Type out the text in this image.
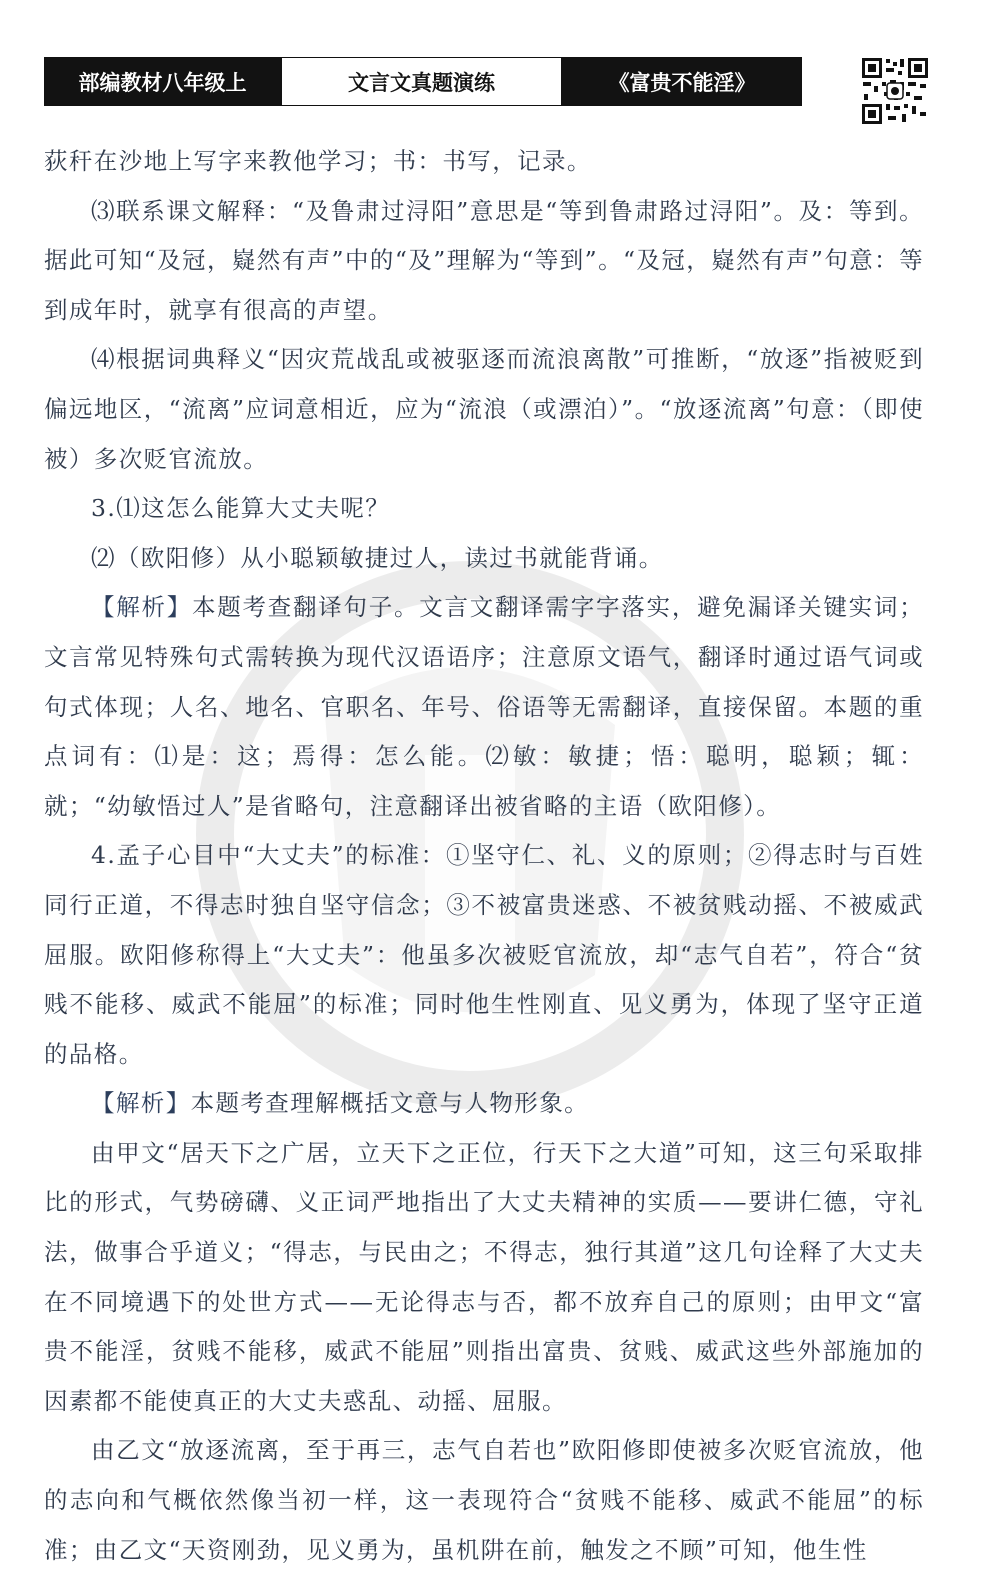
部编教材八年级上	文言文真题演练	《富贵不能淫》

荻秆在沙地上写字来教他学习；书：书写，记录。

⑶联系课文解释：“及鲁肃过浔阳”意思是“等到鲁肃路过浔阳”。及：等到。据此可知“及冠，嶷然有声”中的“及”理解为“等到”。“及冠，嶷然有声”句意：等到成年时，就享有很高的声望。

⑷根据词典释义“因灾荒战乱或被驱逐而流浪离散”可推断，“放逐”指被贬到偏远地区，“流离”应词意相近，应为“流浪（或漂泊）”。“放逐流离”句意：（即使被）多次贬官流放。

3.⑴这怎么能算大丈夫呢？

⑵（欧阳修）从小聪颖敏捷过人，读过书就能背诵。

【解析】本题考查翻译句子。文言文翻译需字字落实，避免漏译关键实词；文言常见特殊句式需转换为现代汉语语序；注意原文语气，翻译时通过语气词或句式体现；人名、地名、官职名、年号、俗语等无需翻译，直接保留。本题的重点词有：⑴是：这；焉得：怎么能。⑵敏：敏捷；悟：聪明，聪颖；辄：就；“幼敏悟过人”是省略句，注意翻译出被省略的主语（欧阳修）。

4.孟子心目中“大丈夫”的标准：①坚守仁、礼、义的原则；②得志时与百姓同行正道，不得志时独自坚守信念；③不被富贵迷惑、不被贫贱动摇、不被威武屈服。欧阳修称得上“大丈夫”：他虽多次被贬官流放，却“志气自若”，符合“贫贱不能移、威武不能屈”的标准；同时他生性刚直、见义勇为，体现了坚守正道的品格。

【解析】本题考查理解概括文意与人物形象。

由甲文“居天下之广居，立天下之正位，行天下之大道”可知，这三句采取排比的形式，气势磅礴、义正词严地指出了大丈夫精神的实质——要讲仁德，守礼法，做事合乎道义；“得志，与民由之；不得志，独行其道”这几句诠释了大丈夫在不同境遇下的处世方式——无论得志与否，都不放弃自己的原则；由甲文“富贵不能淫，贫贱不能移，威武不能屈”则指出富贵、贫贱、威武这些外部施加的因素都不能使真正的大丈夫惑乱、动摇、屈服。

由乙文“放逐流离，至于再三，志气自若也”欧阳修即使被多次贬官流放，他的志向和气概依然像当初一样，这一表现符合“贫贱不能移、威武不能屈”的标准；由乙文“天资刚劲，见义勇为，虽机阱在前，触发之不顾”可知，他生性
